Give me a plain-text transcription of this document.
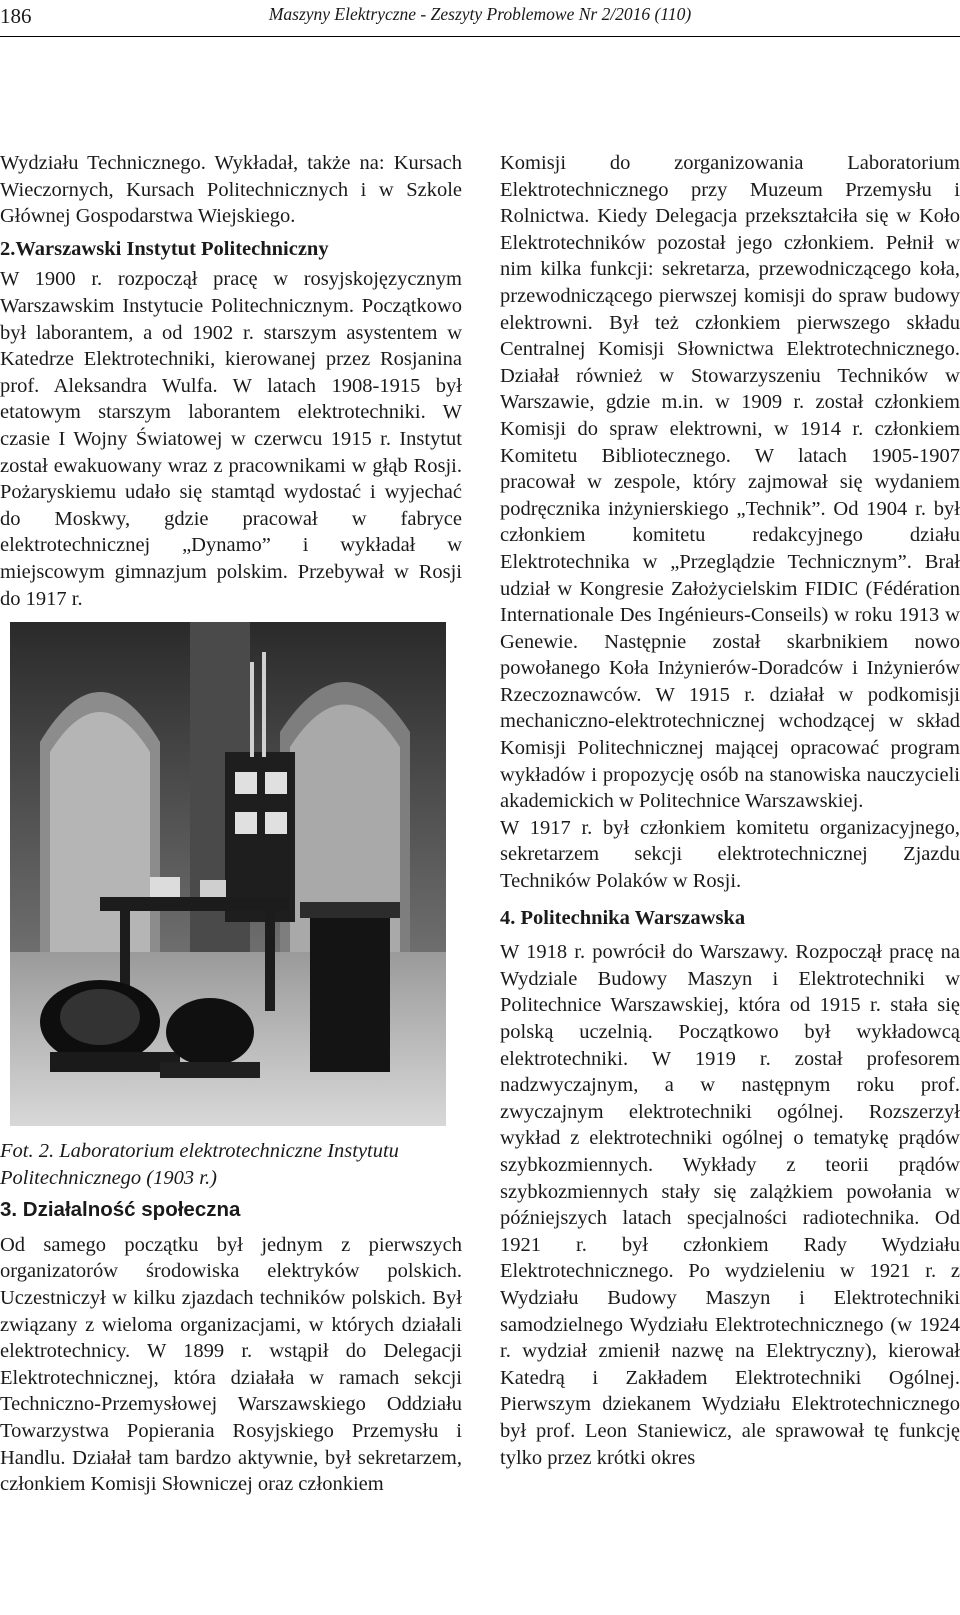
186	Maszyny Elektryczne - Zeszyty Problemowe Nr 2/2016 (110)

Wydziału Technicznego. Wykładał, także na: Kursach Wieczornych, Kursach Politechnicznych i w Szkole Głównej Gospodarstwa Wiejskiego.

2.Warszawski Instytut Politechniczny

W 1900 r. rozpoczął pracę w rosyjskojęzycznym Warszawskim Instytucie Politechnicznym. Początkowo był laborantem, a od 1902 r. starszym asystentem w Katedrze Elektrotechniki, kierowanej przez Rosjanina prof. Aleksandra Wulfa. W latach 1908-1915 był etatowym starszym laborantem elektrotechniki. W czasie I Wojny Światowej w czerwcu 1915 r. Instytut został ewakuowany wraz z pracownikami w głąb Rosji. Pożaryskiemu udało się stamtąd wydostać i wyjechać do Moskwy, gdzie pracował w fabryce elektrotechnicznej „Dynamo” i wykładał w miejscowym gimnazjum polskim. Przebywał w Rosji do 1917 r.

Fot. 2. Laboratorium elektrotechniczne Instytutu Politechnicznego (1903 r.)

3. Działalność społeczna

Od samego początku był jednym z pierwszych organizatorów środowiska elektryków polskich. Uczestniczył w kilku zjazdach techników polskich. Był związany z wieloma organizacjami, w których działali elektrotechnicy. W 1899 r. wstąpił do Delegacji Elektrotechnicznej, która działała w ramach sekcji Techniczno-Przemysłowej Warszawskiego Oddziału Towarzystwa Popierania Rosyjskiego Przemysłu i Handlu. Działał tam bardzo aktywnie, był sekretarzem, członkiem Komisji Słowniczej oraz członkiem

Komisji do zorganizowania Laboratorium Elektrotechnicznego przy Muzeum Przemysłu i Rolnictwa. Kiedy Delegacja przekształciła się w Koło Elektrotechników pozostał jego członkiem. Pełnił w nim kilka funkcji: sekretarza, przewodniczącego koła, przewodniczącego pierwszej komisji do spraw budowy elektrowni. Był też członkiem pierwszego składu Centralnej Komisji Słownictwa Elektrotechnicznego. Działał również w Stowarzyszeniu Techników w Warszawie, gdzie m.in. w 1909 r. został członkiem Komisji do spraw elektrowni, w 1914 r. członkiem Komitetu Bibliotecznego. W latach 1905-1907 pracował w zespole, który zajmował się wydaniem podręcznika inżynierskiego „Technik”. Od 1904 r. był członkiem komitetu redakcyjnego działu Elektrotechnika w „Przeglądzie Technicznym”. Brał udział w Kongresie Założycielskim FIDIC (Fédération Internationale Des Ingénieurs-Conseils) w roku 1913 w Genewie. Następnie został skarbnikiem nowo powołanego Koła Inżynierów-Doradców i Inżynierów Rzeczoznawców. W 1915 r. działał w podkomisji mechaniczno-elektrotechnicznej wchodzącej w skład Komisji Politechnicznej mającej opracować program wykładów i propozycję osób na stanowiska nauczycieli akademickich w Politechnice Warszawskiej.

W 1917 r. był członkiem komitetu organizacyjnego, sekretarzem sekcji elektrotechnicznej Zjazdu Techników Polaków w Rosji.

4. Politechnika Warszawska

W 1918 r. powrócił do Warszawy. Rozpoczął pracę na Wydziale Budowy Maszyn i Elektrotechniki w Politechnice Warszawskiej, która od 1915 r. stała się polską uczelnią. Początkowo był wykładowcą elektrotechniki. W 1919 r. został profesorem nadzwyczajnym, a w następnym roku prof. zwyczajnym elektrotechniki ogólnej. Rozszerzył wykład z elektrotechniki ogólnej o tematykę prądów szybkozmiennych. Wykłady z teorii prądów szybkozmiennych stały się zalążkiem powołania w późniejszych latach specjalności radiotechnika. Od 1921 r. był członkiem Rady Wydziału Elektrotechnicznego. Po wydzieleniu w 1921 r. z Wydziału Budowy Maszyn i Elektrotechniki samodzielnego Wydziału Elektrotechnicznego (w 1924 r. wydział zmienił nazwę na Elektryczny), kierował Katedrą i Zakładem Elektrotechniki Ogólnej. Pierwszym dziekanem Wydziału Elektrotechnicznego był prof. Leon Staniewicz, ale sprawował tę funkcję tylko przez krótki okres
